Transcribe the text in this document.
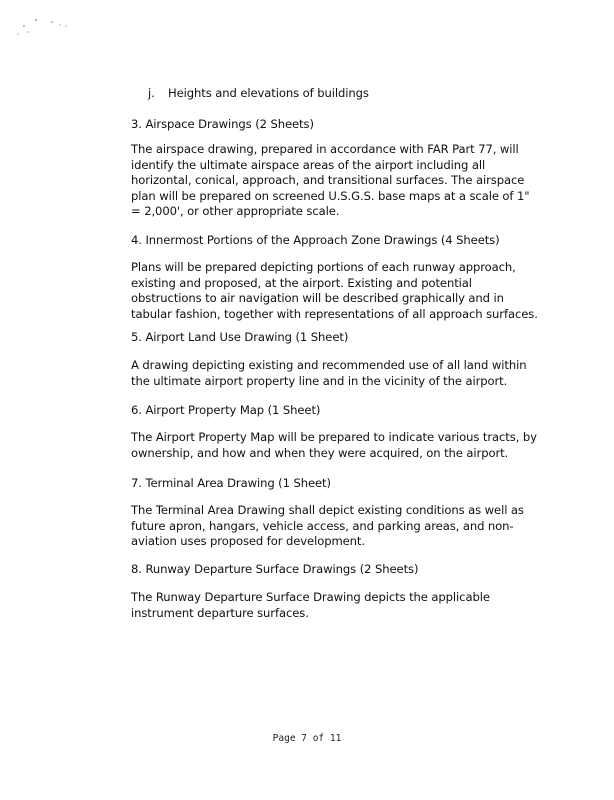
j. Heights and elevations of buildings
3. Airspace Drawings (2 Sheets)
The airspace drawing, prepared in accordance with FAR Part 77, will
identify the ultimate airspace areas of the airport including all
horizontal, conical, approach, and transitional surfaces. The airspace
plan will be prepared on screened U.S.G.S. base maps at a scale of 1"
= 2,000', or other appropriate scale.
4. Innermost Portions of the Approach Zone Drawings (4 Sheets)
Plans will be prepared depicting portions of each runway approach,
existing and proposed, at the airport. Existing and potential
obstructions to air navigation will be described graphically and in
tabular fashion, together with representations of all approach surfaces.
5. Airport Land Use Drawing (1 Sheet)
A drawing depicting existing and recommended use of all land within
the ultimate airport property line and in the vicinity of the airport.
6. Airport Property Map (1 Sheet)
The Airport Property Map will be prepared to indicate various tracts, by
ownership, and how and when they were acquired, on the airport.
7. Terminal Area Drawing (1 Sheet)
The Terminal Area Drawing shall depict existing conditions as well as
future apron, hangars, vehicle access, and parking areas, and non-
aviation uses proposed for development.
8. Runway Departure Surface Drawings (2 Sheets)
The Runway Departure Surface Drawing depicts the applicable
instrument departure surfaces.
Page 7 of 11
